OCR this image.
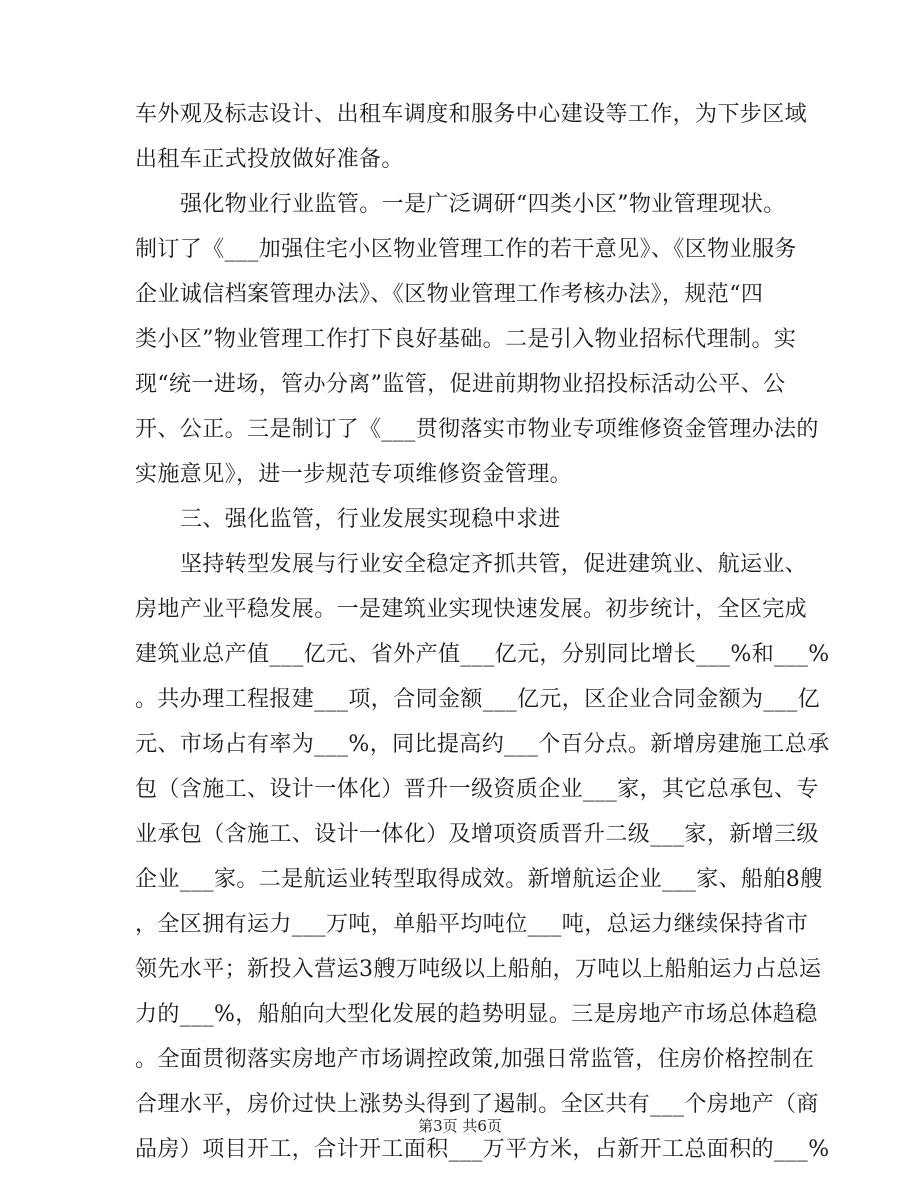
车外观及标志设计、出租车调度和服务中心建设等工作，为下步区域
出租车正式投放做好准备。
强化物业行业监管。一是广泛调研“四类小区”物业管理现状。
制订了《___加强住宅小区物业管理工作的若干意见》、《区物业服务
企业诚信档案管理办法》、《区物业管理工作考核办法》，规范“四
类小区”物业管理工作打下良好基础。二是引入物业招标代理制。实
现“统一进场，管办分离”监管，促进前期物业招投标活动公平、公
开、公正。三是制订了《___贯彻落实市物业专项维修资金管理办法的
实施意见》，进一步规范专项维修资金管理。
三、强化监管，行业发展实现稳中求进
坚持转型发展与行业安全稳定齐抓共管，促进建筑业、航运业、
房地产业平稳发展。一是建筑业实现快速发展。初步统计，全区完成
建筑业总产值___亿元、省外产值___亿元，分别同比增长___%和___%
。共办理工程报建___项，合同金额___亿元，区企业合同金额为___亿
元、市场占有率为___%，同比提高约___个百分点。新增房建施工总承
包（含施工、设计一体化）晋升一级资质企业___家，其它总承包、专
业承包（含施工、设计一体化）及增项资质晋升二级___家，新增三级
企业___家。二是航运业转型取得成效。新增航运企业___家、船舶8艘
，全区拥有运力___万吨，单船平均吨位___吨，总运力继续保持省市
领先水平；新投入营运3艘万吨级以上船舶，万吨以上船舶运力占总运
力的___%，船舶向大型化发展的趋势明显。三是房地产市场总体趋稳
。全面贯彻落实房地产市场调控政策,加强日常监管，住房价格控制在
合理水平，房价过快上涨势头得到了遏制。全区共有___个房地产（商
品房）项目开工，合计开工面积___万平方米，占新开工总面积的___%
第3页 共6页
